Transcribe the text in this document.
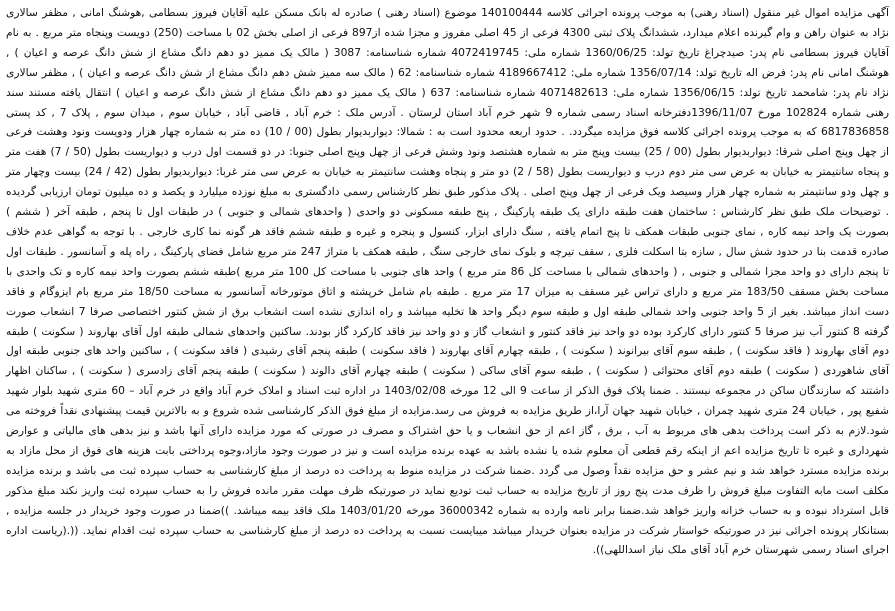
آگهی مزایده اموال غیر منقول (اسناد رهنی) به موجب پرونده اجرائی کلاسه 140100444 موضوع (اسناد رهنی ) صادره له بانک مسکن علیه آقایان فیروز بسطامی ,هوشنگ امانی , مظفر سالاری نژاد به عنوان راهن و وام گیرنده اعلام میدارد، ششدانگ پلاک ثبتی 4300 فرعی از 45 اصلی مفروز و مجزا شده از897 فرعی از اصلی بخش 02 با مساحت (250) دویست وپنجاه متر مربع . به نام آقایان فیروز بسطامی نام پدر: صیدچراغ تاریخ تولد: 1360/06/25 شماره ملی: 4072419745 شماره شناسنامه: 3087 ( مالک یک ممیز دو دهم دانگ مشاع از شش دانگ عرصه و اعیان ) , هوشنگ امانی نام پدر: فرض اله تاریخ تولد: 1356/07/14 شماره ملی: 4189667412 شماره شناسنامه: 62 ( مالک سه ممیز شش دهم دانگ مشاع از شش دانگ عرصه و اعیان ) , مظفر سالاری نژاد نام پدر: شامحمد تاریخ تولد: 1356/06/15 شماره ملی: 4071482613 شماره شناسنامه: 637 ( مالک یک ممیز دو دهم دانگ مشاع از شش دانگ عرصه و اعیان ) انتقال یافته مستند سند رهنی شماره 102824 مورخ 1396/11/07دفترخانه اسناد رسمی شماره 9 شهر خرم آباد استان لرستان . آدرس ملک : خرم آباد , قاضی آباد , خیابان سوم , میدان سوم , پلاک 7 , کد پستی 6817836858 که به موجب پرونده اجرائی کلاسه فوق مزایده میگردد. . حدود اربعه محدود است به : شمالا: دیواربدیوار بطول (00 / 10) ده متر به شماره چهار هزار ودویست ونود وهشت فرعی از چهل وپنج اصلی شرقا: دیواربدیوار بطول (00 / 25) بیست وپنج متر به شماره هشتصد ونود وشش فرعی از چهل وپنج اصلی جنوبا: در دو قسمت اول درب و دیواریست بطول (50 / 7) هفت متر و پنجاه سانتیمتر به خیابان به عرض سی متر دوم درب و دیواریست بطول (58 / 2) دو متر و پنجاه وهشت سانتیمتر به خیابان به عرض سی متر غربا: دیواربدیوار بطول (42 / 24) بیست وچهار متر و چهل ودو سانتیمتر به شماره چهار هزار وسیصد ویک فرعی از چهل وپنج اصلی . پلاک مذکور طبق نظر کارشناس رسمی دادگستری به مبلغ نوزده میلیارد و یکصد و ده میلیون تومان ارزیابی گردیده . توضیحات ملک طبق نظر کارشناس : ساختمان هفت طبقه دارای یک طبقه پارکینگ , پنج طبقه مسکونی دو واحدی ( واحدهای شمالی و جنوبی ) در طبقات اول تا پنجم , طبقه آخر ( ششم ) بصورت یک واحد نیمه کاره , نمای جنوبی طبقات همکف تا پنج اتمام یافته , سنگ دارای ابزار، کنسول و پنجره و غیره و طبقه ششم فاقد هر گونه نما کاری خارجی . با توجه به گواهی عدم خلاف صادره قدمت بنا در حدود شش سال , سازه بتا اسکلت فلزی , سقف تیرچه و بلوک نمای خارجی سنگ , طبقه همکف با متراژ 247 متر مربع شامل فضای پارکینگ , راه پله و آسانسور . طبقات اول تا پنجم دارای دو واحد مجزا شمالی و جنوبی , ( واحدهای شمالی با مساحت کل 86 متر مربع ) واحد های جنوبی با مساحت کل 100 متر مربع )طبقه ششم بصورت واحد نیمه کاره و تک واحدی با مساحت بخش مسقف 183/50 متر مربع و دارای تراس غیر مسقف به میزان 17 متر مربع . طبقه بام شامل خرپشته و اتاق موتورخانه آسانسور به مساحت 18/50 متر مربع بام ایزوگام و فاقد دست انداز میباشد. بغیر از 5 واحد جنوبی واحد شمالی طبقه اول و طبقه سوم دیگر واحد ها تخلیه میباشد و راه اندازی نشده است انشعاب برق از شش کنتور اختصاصی صرفا 7 انشعاب صورت گرفته 8 کنتور آب نیز صرفا 5 کنتور دارای کارکرد بوده دو واحد نیز فاقد کنتور و انشعاب گاز و دو واحد نیز فاقد کارکرد گاز بودند. ساکنین واحدهای شمالی طبقه اول آقای بهاروند ( سکونت ) طبقه دوم آقای بهاروند ( فاقد سکونت ) , طبقه سوم آقای بیرانوند ( سکونت ) , طبقه چهارم آقای بهاروند ( فاقد سکونت ) طبقه پنجم آقای رشیدی ( فاقد سکونت ) , ساکنین واحد های جنوبی طبقه اول آقای شاهوردی ( سکونت ) طبقه دوم آقای محتوائی ( سکونت ) , طبقه سوم آقای ساکی ( سکونت ) طبقه چهارم آقای دالوند ( سکونت ) طبقه پنجم آقای زادسری ( سکونت ) , ساکنان اظهار داشتند که سازندگان ساکن در مجموعه نیستند . ضمنا پلاک فوق الذکر از ساعت 9 الی 12 مورخه 1403/02/08 در اداره ثبت اسناد و املاک خرم آباد واقع در خرم آباد – 60 متری شهید بلوار شهید شفیع پور , خیابان 24 متری شهید چمران , خیابان شهید جهان آرا،از طریق مزایده به فروش می رسد.مزایده از مبلغ فوق الذکر کارشناسی شده شروع و به بالاترین قیمت پیشنهادی نقداً فروخته می شود.لازم به ذکر است پرداخت بدهی های مربوط به آب , برق , گاز اعم از حق انشعاب و یا حق اشتراک و مصرف در صورتی که مورد مزایده دارای آنها باشد و نیز بدهی های مالیاتی و عوارض شهرداری و غیره تا تاریخ مزایده اعم از اینکه رقم قطعی آن معلوم شده یا نشده باشد به عهده برنده مزایده است و نیز در صورت وجود مازاد،وجوه پرداختی بابت هزینه های فوق از محل مازاد به برنده مزایده مسترد خواهد شد و نیم عشر و حق مزایده نقداً وصول می گردد .ضمنا شرکت در مزایده منوط به پرداخت ده درصد از مبلغ کارشناسی به حساب سپرده ثبت می باشد و برنده مزایده مکلف است مابه التفاوت مبلغ فروش را ظرف مدت پنج روز از تاریخ مزایده به حساب ثبت تودیع نماید در صورتیکه ظرف مهلت مقرر مانده فروش را به حساب سپرده ثبت واریز نکند مبلغ مذکور قابل استرداد نبوده و به حساب خزانه واریز خواهد شد.ضمنا برابر نامه وارده به شماره 36000342 مورخه 1403/01/20 ملک فاقد بیمه میباشد. ))ضمنا در صورت وجود خریدار در جلسه مزایده , بستانکار پرونده اجرائی نیز در صورتیکه خواستار شرکت در مزایده بعنوان خریدار میباشد میبایست نسبت به پرداخت ده درصد از مبلغ کارشناسی به حساب سپرده ثبت اقدام نماید. ((.(ریاست اداره اجرای اسناد رسمی شهرستان خرم آباد آقای ملک نیاز اسداللهی)).
